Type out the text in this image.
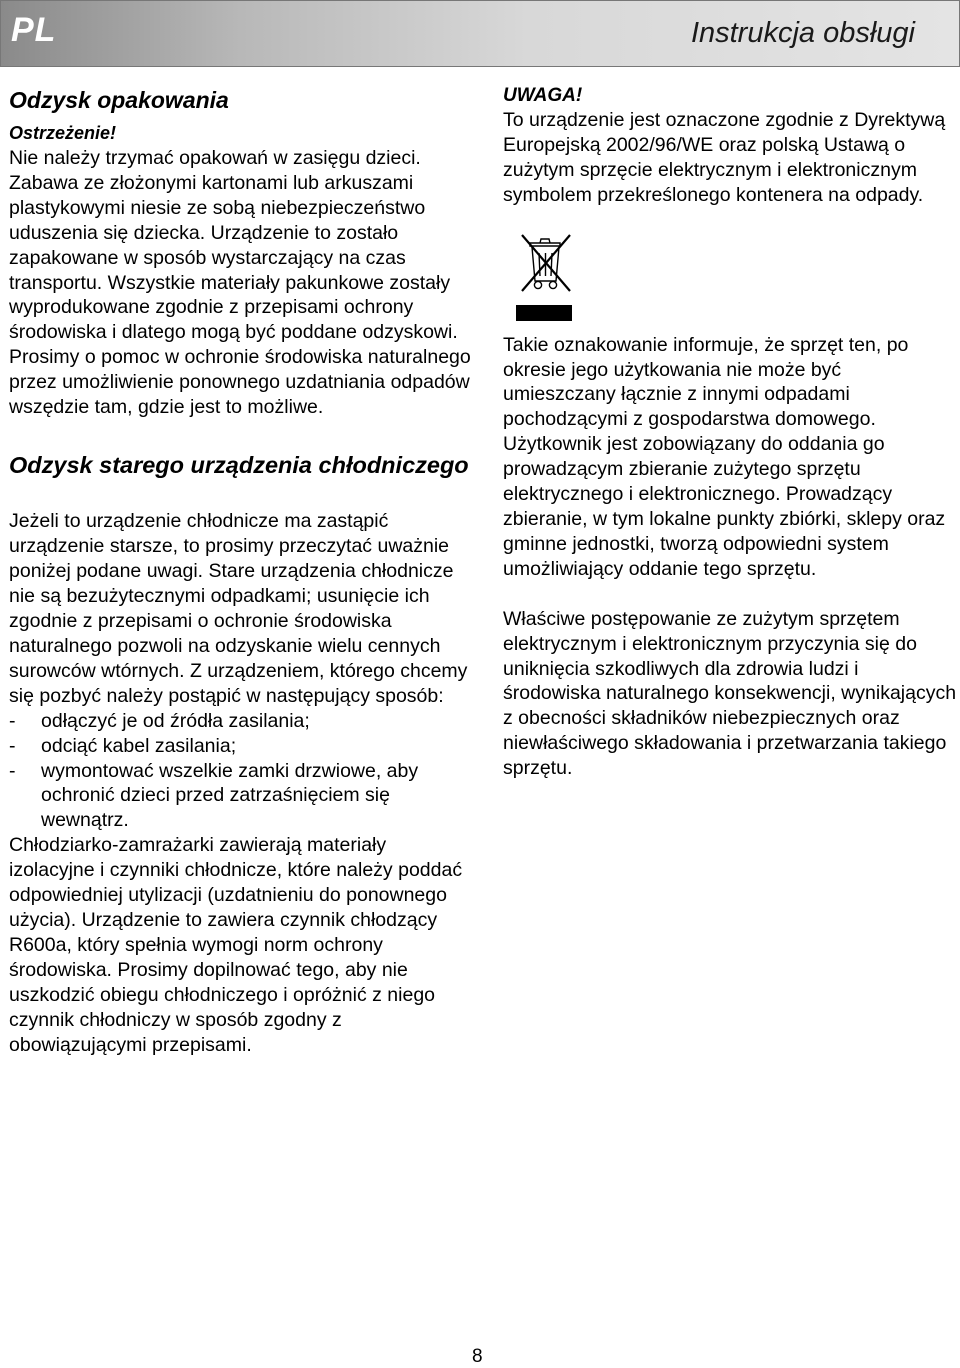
PL	Instrukcja obsługi
Odzysk opakowania
Ostrzeżenie!

Nie należy trzymać opakowań w zasięgu dzieci. Zabawa ze złożonymi kartonami lub arkuszami plastykowymi niesie ze sobą niebezpieczeństwo uduszenia się dziecka. Urządzenie to zostało zapakowane w sposób wystarczający na czas transportu. Wszystkie materiały pakunkowe zostały wyprodukowane zgodnie z przepisami ochrony środowiska i dlatego mogą być poddane odzyskowi. Prosimy o pomoc w ochronie środowiska naturalnego przez umożliwienie ponownego uzdatniania odpadów wszędzie tam, gdzie jest to możliwe.

Odzysk starego urządzenia chłodniczego

Jeżeli to urządzenie chłodnicze ma zastąpić urządzenie starsze, to prosimy przeczytać uważnie poniżej podane uwagi. Stare urządzenia chłodnicze nie są bezużytecznymi odpadkami; usunięcie ich zgodnie z przepisami o ochronie środowiska naturalnego pozwoli na odzyskanie wielu cennych surowców wtórnych. Z urządzeniem, którego chcemy się pozbyć należy postąpić w następujący sposób:

- odłączyć je od źródła zasilania;
- odciąć kabel zasilania;
- wymontować wszelkie zamki drzwiowe, aby ochronić dzieci przed zatrzaśnięciem się wewnątrz.

Chłodziarko-zamrażarki zawierają materiały izolacyjne i czynniki chłodnicze, które należy poddać odpowiedniej utylizacji (uzdatnieniu do ponownego użycia). Urządzenie to zawiera czynnik chłodzący R600a, który spełnia wymogi norm ochrony środowiska. Prosimy dopilnować tego, aby nie uszkodzić obiegu chłodniczego i opróżnić z niego czynnik chłodniczy w sposób zgodny z obowiązującymi przepisami.

UWAGA!

To urządzenie jest oznaczone zgodnie z Dyrektywą Europejską 2002/96/WE oraz polską Ustawą o zużytym sprzęcie elektrycznym i elektronicznym symbolem przekreślonego kontenera na odpady.

Takie oznakowanie informuje, że sprzęt ten, po okresie jego użytkowania nie może być umieszczany łącznie z innymi odpadami pochodzącymi z gospodarstwa domowego. Użytkownik jest zobowiązany do oddania go prowadzącym zbieranie zużytego sprzętu elektrycznego i elektronicznego. Prowadzący zbieranie, w tym lokalne punkty zbiórki, sklepy oraz gminne jednostki, tworzą odpowiedni system umożliwiający oddanie tego sprzętu.

Właściwe postępowanie ze zużytym sprzętem elektrycznym i elektronicznym przyczynia się do uniknięcia szkodliwych dla zdrowia ludzi i środowiska naturalnego konsekwencji, wynikających z obecności składników niebezpiecznych oraz niewłaściwego składowania i przetwarzania takiego sprzętu.

8
